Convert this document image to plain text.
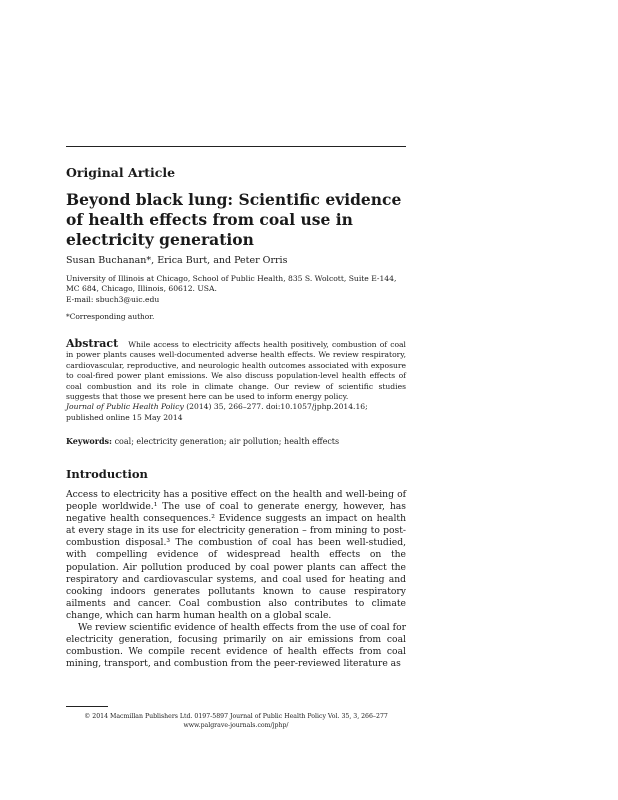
Original Article
Beyond black lung: Scientific evidence of health effects from coal use in electricity generation
Susan Buchanan*, Erica Burt, and Peter Orris
University of Illinois at Chicago, School of Public Health, 835 S. Wolcott, Suite E-144,
MC 684, Chicago, Illinois, 60612. USA.
E-mail: sbuch3@uic.edu
*Corresponding author.
Abstract While access to electricity affects health positively, combustion of coal in power plants causes well-documented adverse health effects. We review respiratory, cardiovascular, reproductive, and neurologic health outcomes associated with exposure to coal-fired power plant emissions. We also discuss population-level health effects of coal combustion and its role in climate change. Our review of scientific studies suggests that those we present here can be used to inform energy policy.
Journal of Public Health Policy (2014) 35, 266–277. doi:10.1057/jphp.2014.16;
published online 15 May 2014
Keywords: coal; electricity generation; air pollution; health effects
Introduction

Access to electricity has a positive effect on the health and well-being of people worldwide.¹ The use of coal to generate energy, however, has negative health consequences.² Evidence suggests an impact on health at every stage in its use for electricity generation – from mining to post-combustion disposal.³ The combustion of coal has been well-studied, with compelling evidence of widespread health effects on the population. Air pollution produced by coal power plants can affect the respiratory and cardiovascular systems, and coal used for heating and cooking indoors generates pollutants known to cause respiratory ailments and cancer. Coal combustion also contributes to climate change, which can harm human health on a global scale.

We review scientific evidence of health effects from the use of coal for electricity generation, focusing primarily on air emissions from coal combustion. We compile recent evidence of health effects from coal mining, transport, and combustion from the peer-reviewed literature as

© 2014 Macmillan Publishers Ltd. 0197-5897 Journal of Public Health Policy Vol. 35, 3, 266–277
www.palgrave-journals.com/jphp/
